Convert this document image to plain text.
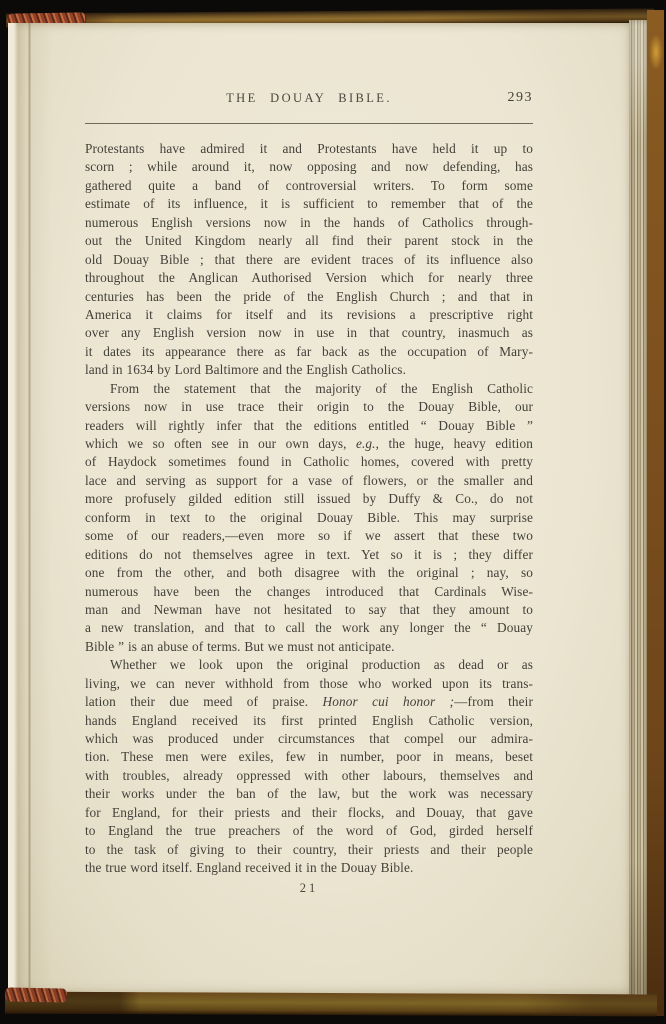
THE DOUAY BIBLE.	293
Protestants have admired it and Protestants have held it up to
scorn ; while around it, now opposing and now defending, has
gathered quite a band of controversial writers. To form some
estimate of its influence, it is sufficient to remember that of the
numerous English versions now in the hands of Catholics through-
out the United Kingdom nearly all find their parent stock in the
old Douay Bible ; that there are evident traces of its influence also
throughout the Anglican Authorised Version which for nearly three
centuries has been the pride of the English Church ; and that in
America it claims for itself and its revisions a prescriptive right
over any English version now in use in that country, inasmuch as
it dates its appearance there as far back as the occupation of Mary-
land in 1634 by Lord Baltimore and the English Catholics.
From the statement that the majority of the English Catholic
versions now in use trace their origin to the Douay Bible, our
readers will rightly infer that the editions entitled “ Douay Bible ”
which we so often see in our own days, e.g., the huge, heavy edition
of Haydock sometimes found in Catholic homes, covered with pretty
lace and serving as support for a vase of flowers, or the smaller and
more profusely gilded edition still issued by Duffy & Co., do not
conform in text to the original Douay Bible. This may surprise
some of our readers,—even more so if we assert that these two
editions do not themselves agree in text. Yet so it is ; they differ
one from the other, and both disagree with the original ; nay, so
numerous have been the changes introduced that Cardinals Wise-
man and Newman have not hesitated to say that they amount to
a new translation, and that to call the work any longer the “ Douay
Bible ” is an abuse of terms. But we must not anticipate.
Whether we look upon the original production as dead or as
living, we can never withhold from those who worked upon its trans-
lation their due meed of praise. Honor cui honor ;—from their
hands England received its first printed English Catholic version,
which was produced under circumstances that compel our admira-
tion. These men were exiles, few in number, poor in means, beset
with troubles, already oppressed with other labours, themselves and
their works under the ban of the law, but the work was necessary
for England, for their priests and their flocks, and Douay, that gave
to England the true preachers of the word of God, girded herself
to the task of giving to their country, their priests and their people
the true word itself. England received it in the Douay Bible.
21
